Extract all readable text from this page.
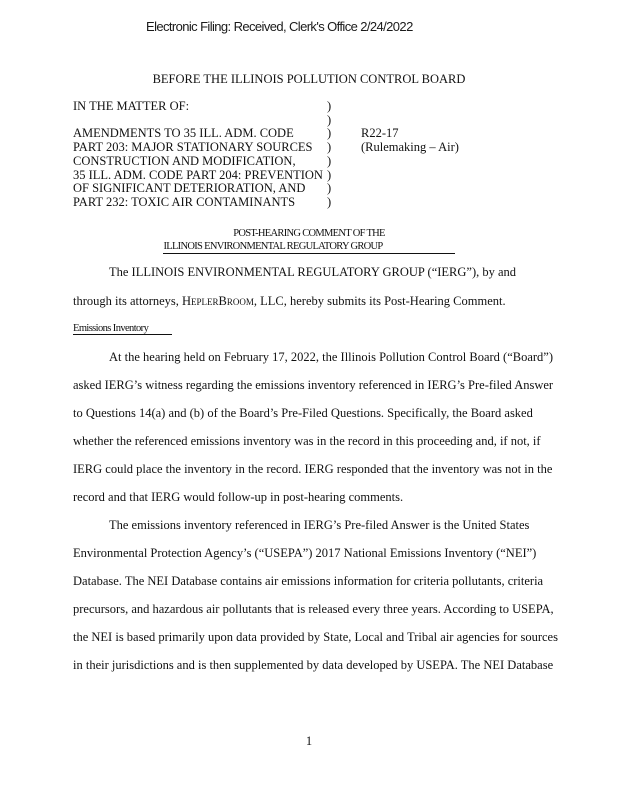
Electronic Filing: Received, Clerk's Office 2/24/2022
BEFORE THE ILLINOIS POLLUTION CONTROL BOARD
IN THE MATTER OF:

AMENDMENTS TO 35 ILL. ADM. CODE
PART 203: MAJOR STATIONARY SOURCES
CONSTRUCTION AND MODIFICATION,
35 ILL. ADM. CODE PART 204: PREVENTION
OF SIGNIFICANT DETERIORATION, AND
PART 232: TOXIC AIR CONTAMINANTS
)
)
)
)
)
)
)
)
R22-17
(Rulemaking – Air)
POST-HEARING COMMENT OF THE
ILLINOIS ENVIRONMENTAL REGULATORY GROUP
The ILLINOIS ENVIRONMENTAL REGULATORY GROUP (“IERG”), by and
through its attorneys, HeplerBroom, LLC, hereby submits its Post-Hearing Comment.
Emissions Inventory
At the hearing held on February 17, 2022, the Illinois Pollution Control Board (“Board”)
asked IERG’s witness regarding the emissions inventory referenced in IERG’s Pre-filed Answer
to Questions 14(a) and (b) of the Board’s Pre-Filed Questions. Specifically, the Board asked
whether the referenced emissions inventory was in the record in this proceeding and, if not, if
IERG could place the inventory in the record. IERG responded that the inventory was not in the
record and that IERG would follow-up in post-hearing comments.
The emissions inventory referenced in IERG’s Pre-filed Answer is the United States
Environmental Protection Agency’s (“USEPA”) 2017 National Emissions Inventory (“NEI”)
Database. The NEI Database contains air emissions information for criteria pollutants, criteria
precursors, and hazardous air pollutants that is released every three years. According to USEPA,
the NEI is based primarily upon data provided by State, Local and Tribal air agencies for sources
in their jurisdictions and is then supplemented by data developed by USEPA. The NEI Database
1
